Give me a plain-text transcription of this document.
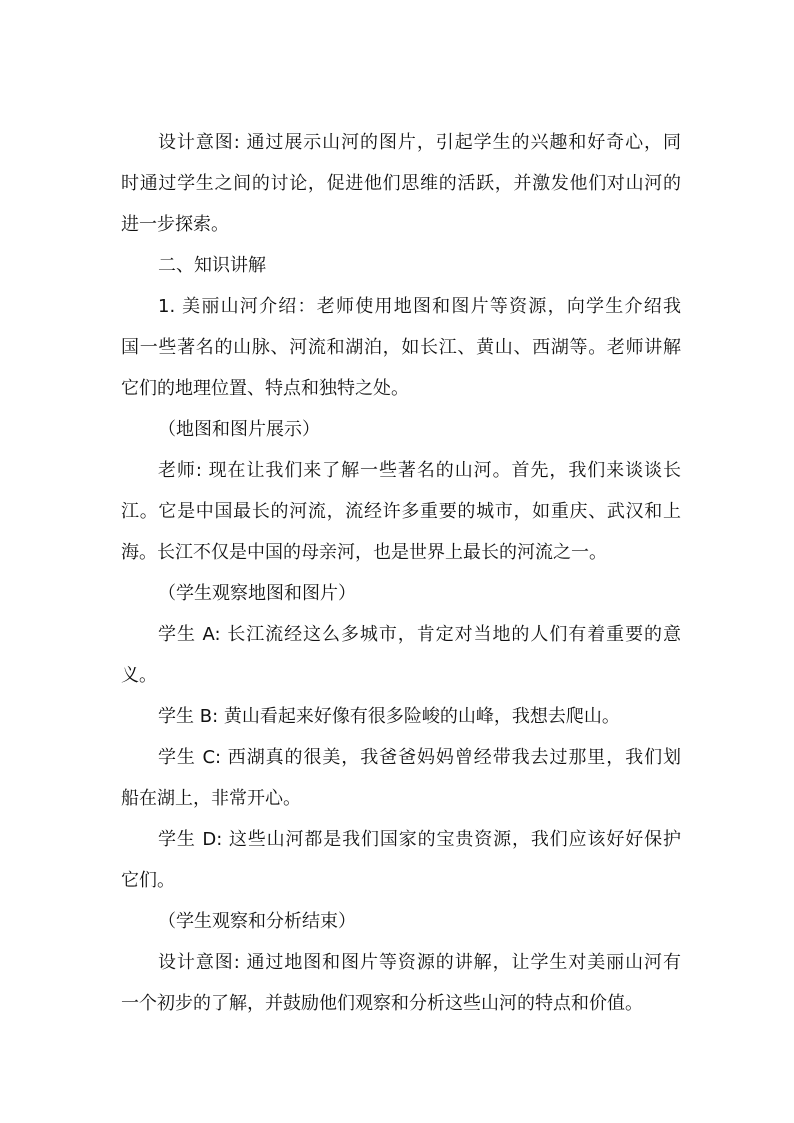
设计意图: 通过展示山河的图片，引起学生的兴趣和好奇心，同
时通过学生之间的讨论，促进他们思维的活跃，并激发他们对山河的
进一步探索。
二、知识讲解
1. 美丽山河介绍：老师使用地图和图片等资源，向学生介绍我
国一些著名的山脉、河流和湖泊，如长江、黄山、西湖等。老师讲解
它们的地理位置、特点和独特之处。
（地图和图片展示）
老师: 现在让我们来了解一些著名的山河。首先，我们来谈谈长
江。它是中国最长的河流，流经许多重要的城市，如重庆、武汉和上
海。长江不仅是中国的母亲河，也是世界上最长的河流之一。
（学生观察地图和图片）
学生 A: 长江流经这么多城市，肯定对当地的人们有着重要的意
义。
学生 B: 黄山看起来好像有很多险峻的山峰，我想去爬山。
学生 C: 西湖真的很美，我爸爸妈妈曾经带我去过那里，我们划
船在湖上，非常开心。
学生 D: 这些山河都是我们国家的宝贵资源，我们应该好好保护
它们。
（学生观察和分析结束）
设计意图: 通过地图和图片等资源的讲解，让学生对美丽山河有
一个初步的了解，并鼓励他们观察和分析这些山河的特点和价值。
